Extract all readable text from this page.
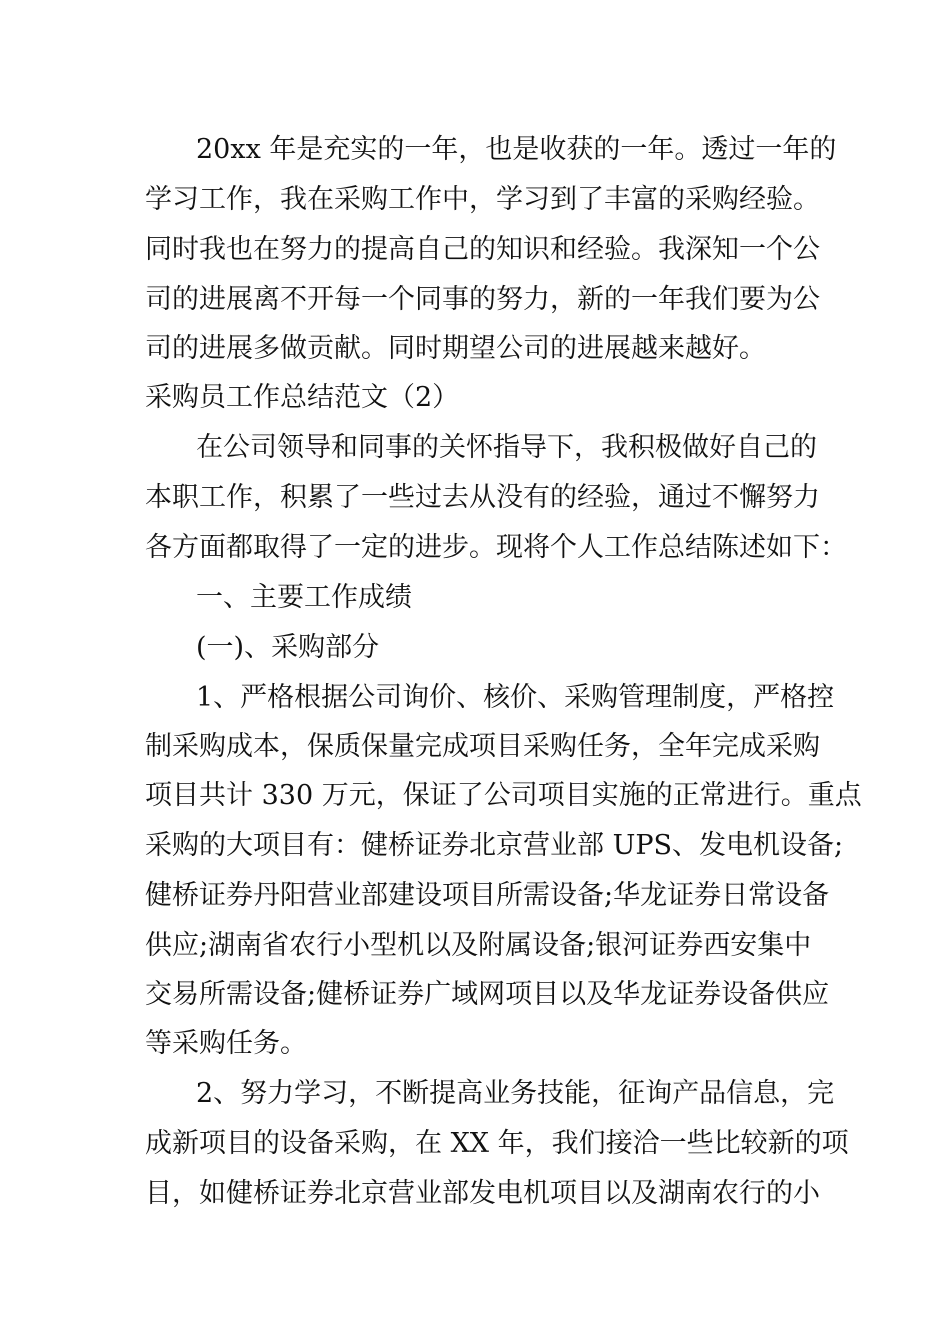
20xx 年是充实的一年，也是收获的一年。透过一年的
学习工作，我在采购工作中，学习到了丰富的采购经验。
同时我也在努力的提高自己的知识和经验。我深知一个公
司的进展离不开每一个同事的努力，新的一年我们要为公
司的进展多做贡献。同时期望公司的进展越来越好。
采购员工作总结范文（2）
在公司领导和同事的关怀指导下，我积极做好自己的
本职工作，积累了一些过去从没有的经验，通过不懈努力
各方面都取得了一定的进步。现将个人工作总结陈述如下：
一、主要工作成绩
(一)、采购部分
1、严格根据公司询价、核价、采购管理制度，严格控
制采购成本，保质保量完成项目采购任务，全年完成采购
项目共计 330 万元，保证了公司项目实施的正常进行。重点
采购的大项目有：健桥证券北京营业部 UPS、发电机设备;
健桥证券丹阳营业部建设项目所需设备;华龙证券日常设备
供应;湖南省农行小型机以及附属设备;银河证券西安集中
交易所需设备;健桥证券广域网项目以及华龙证券设备供应
等采购任务。
2、努力学习，不断提高业务技能，征询产品信息，完
成新项目的设备采购，在 XX 年，我们接洽一些比较新的项
目，如健桥证券北京营业部发电机项目以及湖南农行的小
